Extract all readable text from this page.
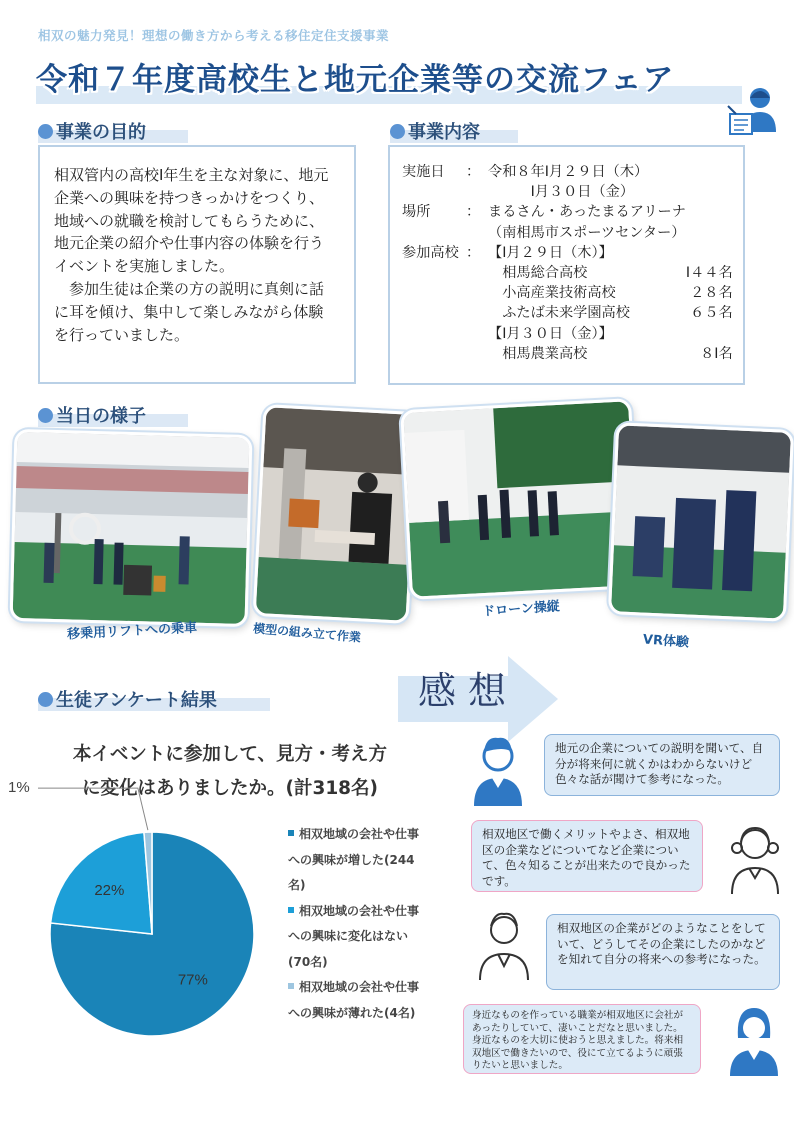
相双の魅力発見！理想の働き方から考える移住定住支援事業
令和７年度高校生と地元企業等の交流フェア
事業の目的

相双管内の高校Ⅰ年生を主な対象に、地元企業への興味を持つきっかけをつくり、地域への就職を検討してもらうために、地元企業の紹介や仕事内容の体験を行うイベントを実施しました。
　参加生徒は企業の方の説明に真剣に話に耳を傾け、集中して楽しみながら体験を行っていました。

事業内容
実施日	：	令和８年Ⅰ月２９日（木）	
		　　　Ⅰ月３０日（金）	
場所	：	まるさん・あったまるアリーナ	
		（南相馬市スポーツセンター）	
参加高校	：	【Ⅰ月２９日（木）】	
		　相馬総合高校	Ⅰ４４名
		　小高産業技術高校	２８名
		　ふたば未来学園高校	６５名
		【Ⅰ月３０日（金）】	
		　相馬農業高校	８Ⅰ名
当日の様子
移乗用リフトへの乗車	模型の組み立て作業
ドローン操縦
VR体験
感想
生徒アンケート結果
本イベントに参加して、見方・考え方
に変化はありましたか。(計318名)
77%
22%
1%
相双地域の会社や仕事
への興味が増した(244
名)
相双地域の会社や仕事
への興味に変化はない
(70名)
相双地域の会社や仕事
への興味が薄れた(4名)
地元の企業についての説明を聞いて、自分が将来何に就くかはわからないけど色々な話が聞けて参考になった。
相双地区で働くメリットやよさ、相双地区の企業などについてなど企業について、色々知ることが出来たので良かったです。
相双地区の企業がどのようなことをしていて、どうしてその企業にしたのかなどを知れて自分の将来への参考になった。
身近なものを作っている職業が相双地区に会社があったりしていて、凄いことだなと思いました。身近なものを大切に使おうと思えました。将来相双地区で働きたいので、役にて立てるように頑張りたいと思いました。
